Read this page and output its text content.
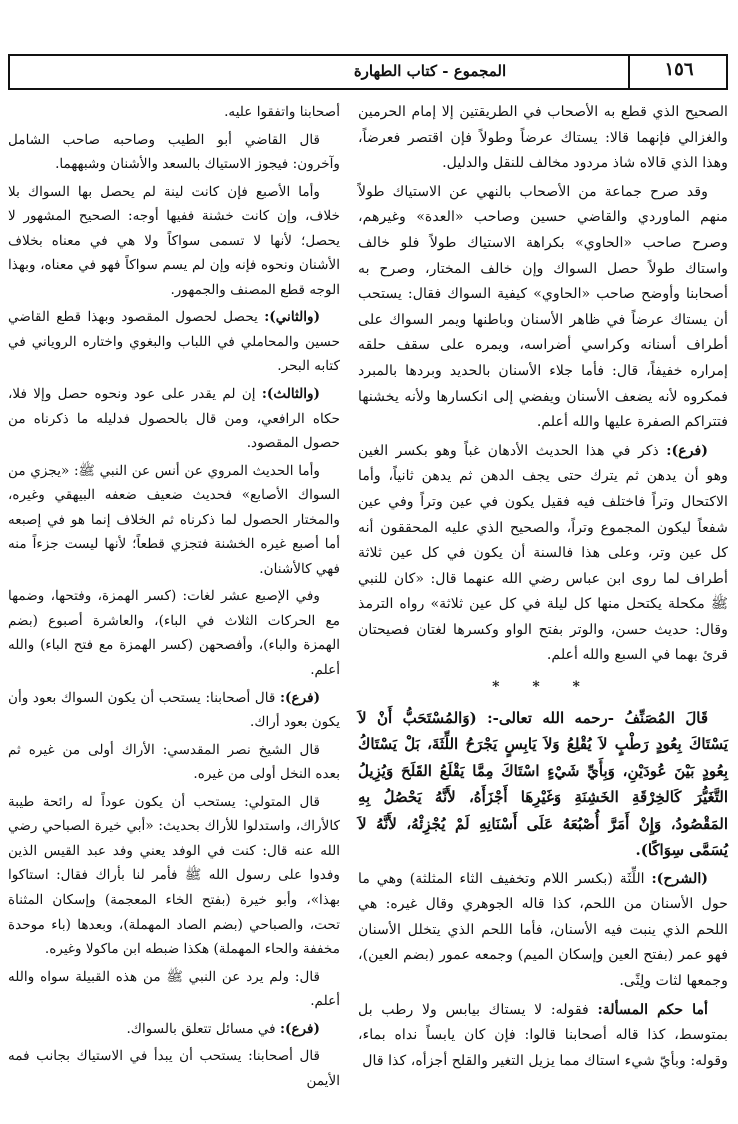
١٥٦
المجموع - كتاب الطهارة

الصحيح الذي قطع به الأصحاب في الطريقتين إلا إمام الحرمين والغزالي فإنهما قالا: يستاك عرضاً وطولاً فإن اقتصر فعرضاً، وهذا الذي قالاه شاذ مردود مخالف للنقل والدليل.

وقد صرح جماعة من الأصحاب بالنهي عن الاستياك طولاً منهم الماوردي والقاضي حسين وصاحب «العدة» وغيرهم، وصرح صاحب «الحاوي» بكراهة الاستياك طولاً فلو خالف واستاك طولاً حصل السواك وإن خالف المختار، وصرح به أصحابنا وأوضح صاحب «الحاوي» كيفية السواك فقال: يستحب أن يستاك عرضاً في ظاهر الأسنان وباطنها ويمر السواك على أطراف أسنانه وكراسي أضراسه، ويمره على سقف حلقه إمراره خفيفاً، قال: فأما جلاء الأسنان بالحديد وبردها بالمبرد فمكروه لأنه يضعف الأسنان ويفضي إلى انكسارها ولأنه يخشنها فتتراكم الصفرة عليها والله أعلم.

(فرع): ذكر في هذا الحديث الأدهان غباً وهو بكسر الغين وهو أن يدهن ثم يترك حتى يجف الدهن ثم يدهن ثانياً، وأما الاكتحال وتراً فاختلف فيه فقيل يكون في عين وتراً وفي عين شفعاً ليكون المجموع وتراً، والصحيح الذي عليه المحققون أنه كل عين وتر، وعلى هذا فالسنة أن يكون في كل عين ثلاثة أطراف لما روى ابن عباس رضي الله عنهما قال: «كان للنبي ﷺ مكحلة يكتحل منها كل ليلة في كل عين ثلاثة» رواه الترمذ وقال: حديث حسن، والوتر بفتح الواو وكسرها لغتان فصيحتان قرئ بهما في السبع والله أعلم.

* * *

قَالَ المُصَنِّفُ -رحمه الله تعالى-: (وَالمُسْتَحَبُّ أَنْ لاَ يَسْتَاكَ بِعُودٍ رَطْبٍ لاَ يُقْلِعُ وَلاَ يَابِسٍ يَجْرَحُ اللِّثَةَ، بَلْ يَسْتَاكُ بِعُودٍ بَيْنَ عُودَيْنِ، وَبِأَيِّ شَيْءٍ اسْتَاكَ مِمَّا يَقْلَعُ القَلَحَ وَيُزِيلُ التَّغَيُّرَ كَالخِرْقَةِ الخَشِنَةِ وَغَيْرِهَا أَجْزَأَهُ، لأَنَّهُ يَحْصُلُ بِهِ المَقْصُودُ، وَإِنْ أَمَرَّ أُصْبُعَهُ عَلَى أَسْنَانِهِ لَمْ يُجْزِئْهُ، لأَنَّهُ لاَ يُسَمَّى سِوَاكًا).

(الشرح): اللِّثَة (بكسر اللام وتخفيف الثاء المثلثة) وهي ما حول الأسنان من اللحم، كذا قاله الجوهري وقال غيره: هي اللحم الذي ينبت فيه الأسنان، فأما اللحم الذي يتخلل الأسنان فهو عمر (بفتح العين وإسكان الميم) وجمعه عمور (بضم العين)، وجمعها لثات ولِثًى.

أما حكم المسألة: فقوله: لا يستاك بيابس ولا رطب بل بمتوسط، كذا قاله أصحابنا قالوا: فإن كان يابساً نداه بماء، وقوله: وبأيّ شيء استاك مما يزيل التغير والقلح أجزأه، كذا قال

أصحابنا واتفقوا عليه.

قال القاضي أبو الطيب وصاحبه صاحب الشامل وآخرون: فيجوز الاستياك بالسعد والأشنان وشبههما.

وأما الأصبع فإن كانت لينة لم يحصل بها السواك بلا خلاف، وإن كانت خشنة ففيها أوجه: الصحيح المشهور لا يحصل؛ لأنها لا تسمى سواكاً ولا هي في معناه بخلاف الأشنان ونحوه فإنه وإن لم يسم سواكاً فهو في معناه، وبهذا الوجه قطع المصنف والجمهور.

(والثاني): يحصل لحصول المقصود وبهذا قطع القاضي حسين والمحاملي في اللباب والبغوي واختاره الروياني في كتابه البحر.

(والثالث): إن لم يقدر على عود ونحوه حصل وإلا فلا، حكاه الرافعي، ومن قال بالحصول فدليله ما ذكرناه من حصول المقصود.

وأما الحديث المروي عن أنس عن النبي ﷺ: «يجزي من السواك الأصابع» فحديث ضعيف ضعفه البيهقي وغيره، والمختار الحصول لما ذكرناه ثم الخلاف إنما هو في إصبعه أما أصبع غيره الخشنة فتجزي قطعاً؛ لأنها ليست جزءاً منه فهي كالأشنان.

وفي الإصبع عشر لغات: (كسر الهمزة، وفتحها، وضمها مع الحركات الثلاث في الباء)، والعاشرة أصبوع (بضم الهمزة والباء)، وأفصحهن (كسر الهمزة مع فتح الباء) والله أعلم.

(فرع): قال أصحابنا: يستحب أن يكون السواك بعود وأن يكون بعود أراك.

قال الشيخ نصر المقدسي: الأراك أولى من غيره ثم بعده النخل أولى من غيره.

قال المتولي: يستحب أن يكون عوداً له رائحة طيبة كالأراك، واستدلوا للأراك بحديث: «أبي خيرة الصباحي رضي الله عنه قال: كنت في الوفد يعني وفد عبد القيس الذين وفدوا على رسول الله ﷺ فأمر لنا بأراك فقال: استاكوا بهذا»، وأبو خيرة (بفتح الخاء المعجمة) وإسكان المثناة تحت، والصباحي (بضم الصاد المهملة)، وبعدها (باء موحدة مخففة والحاء المهملة) هكذا ضبطه ابن ماكولا وغيره.

قال: ولم يرد عن النبي ﷺ من هذه القبيلة سواه والله أعلم.

(فرع): في مسائل تتعلق بالسواك.

قال أصحابنا: يستحب أن يبدأ في الاستياك بجانب فمه الأيمن
